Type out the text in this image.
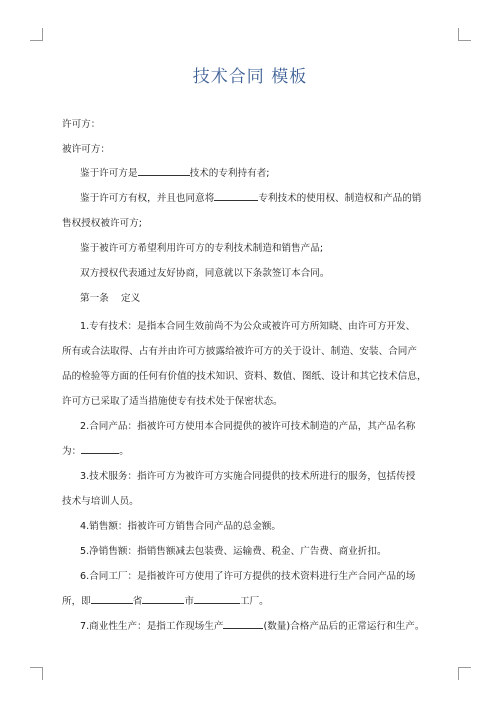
技术合同 模板
许可方：
被许可方：
鉴于许可方是	技术的专利持有者;
鉴于许可方有权，并且也同意将	专利技术的使用权、制造权和产品的销
售权授权被许可方;
鉴于被许可方希望利用许可方的专利技术制造和销售产品;
双方授权代表通过友好协商，同意就以下条款签订本合同。
第一条    定义
1.专有技术：是指本合同生效前尚不为公众或被许可方所知晓、由许可方开发、
所有或合法取得、占有并由许可方披露给被许可方的关于设计、制造、安装、合同产
品的检验等方面的任何有价值的技术知识、资料、数值、图纸、设计和其它技术信息，
许可方已采取了适当措施使专有技术处于保密状态。
2.合同产品：指被许可方使用本合同提供的被许可技术制造的产品，其产品名称
为：	。
3.技术服务：指许可方为被许可方实施合同提供的技术所进行的服务，包括传授
技术与培训人员。
4.销售额：指被许可方销售合同产品的总金额。
5.净销售额：指销售额减去包装费、运输费、税金、广告费、商业折扣。
6.合同工厂：是指被许可方使用了许可方提供的技术资料进行生产合同产品的场
所，即	省	市	工厂。
7.商业性生产：是指工作现场生产	(数量)合格产品后的正常运行和生产。
